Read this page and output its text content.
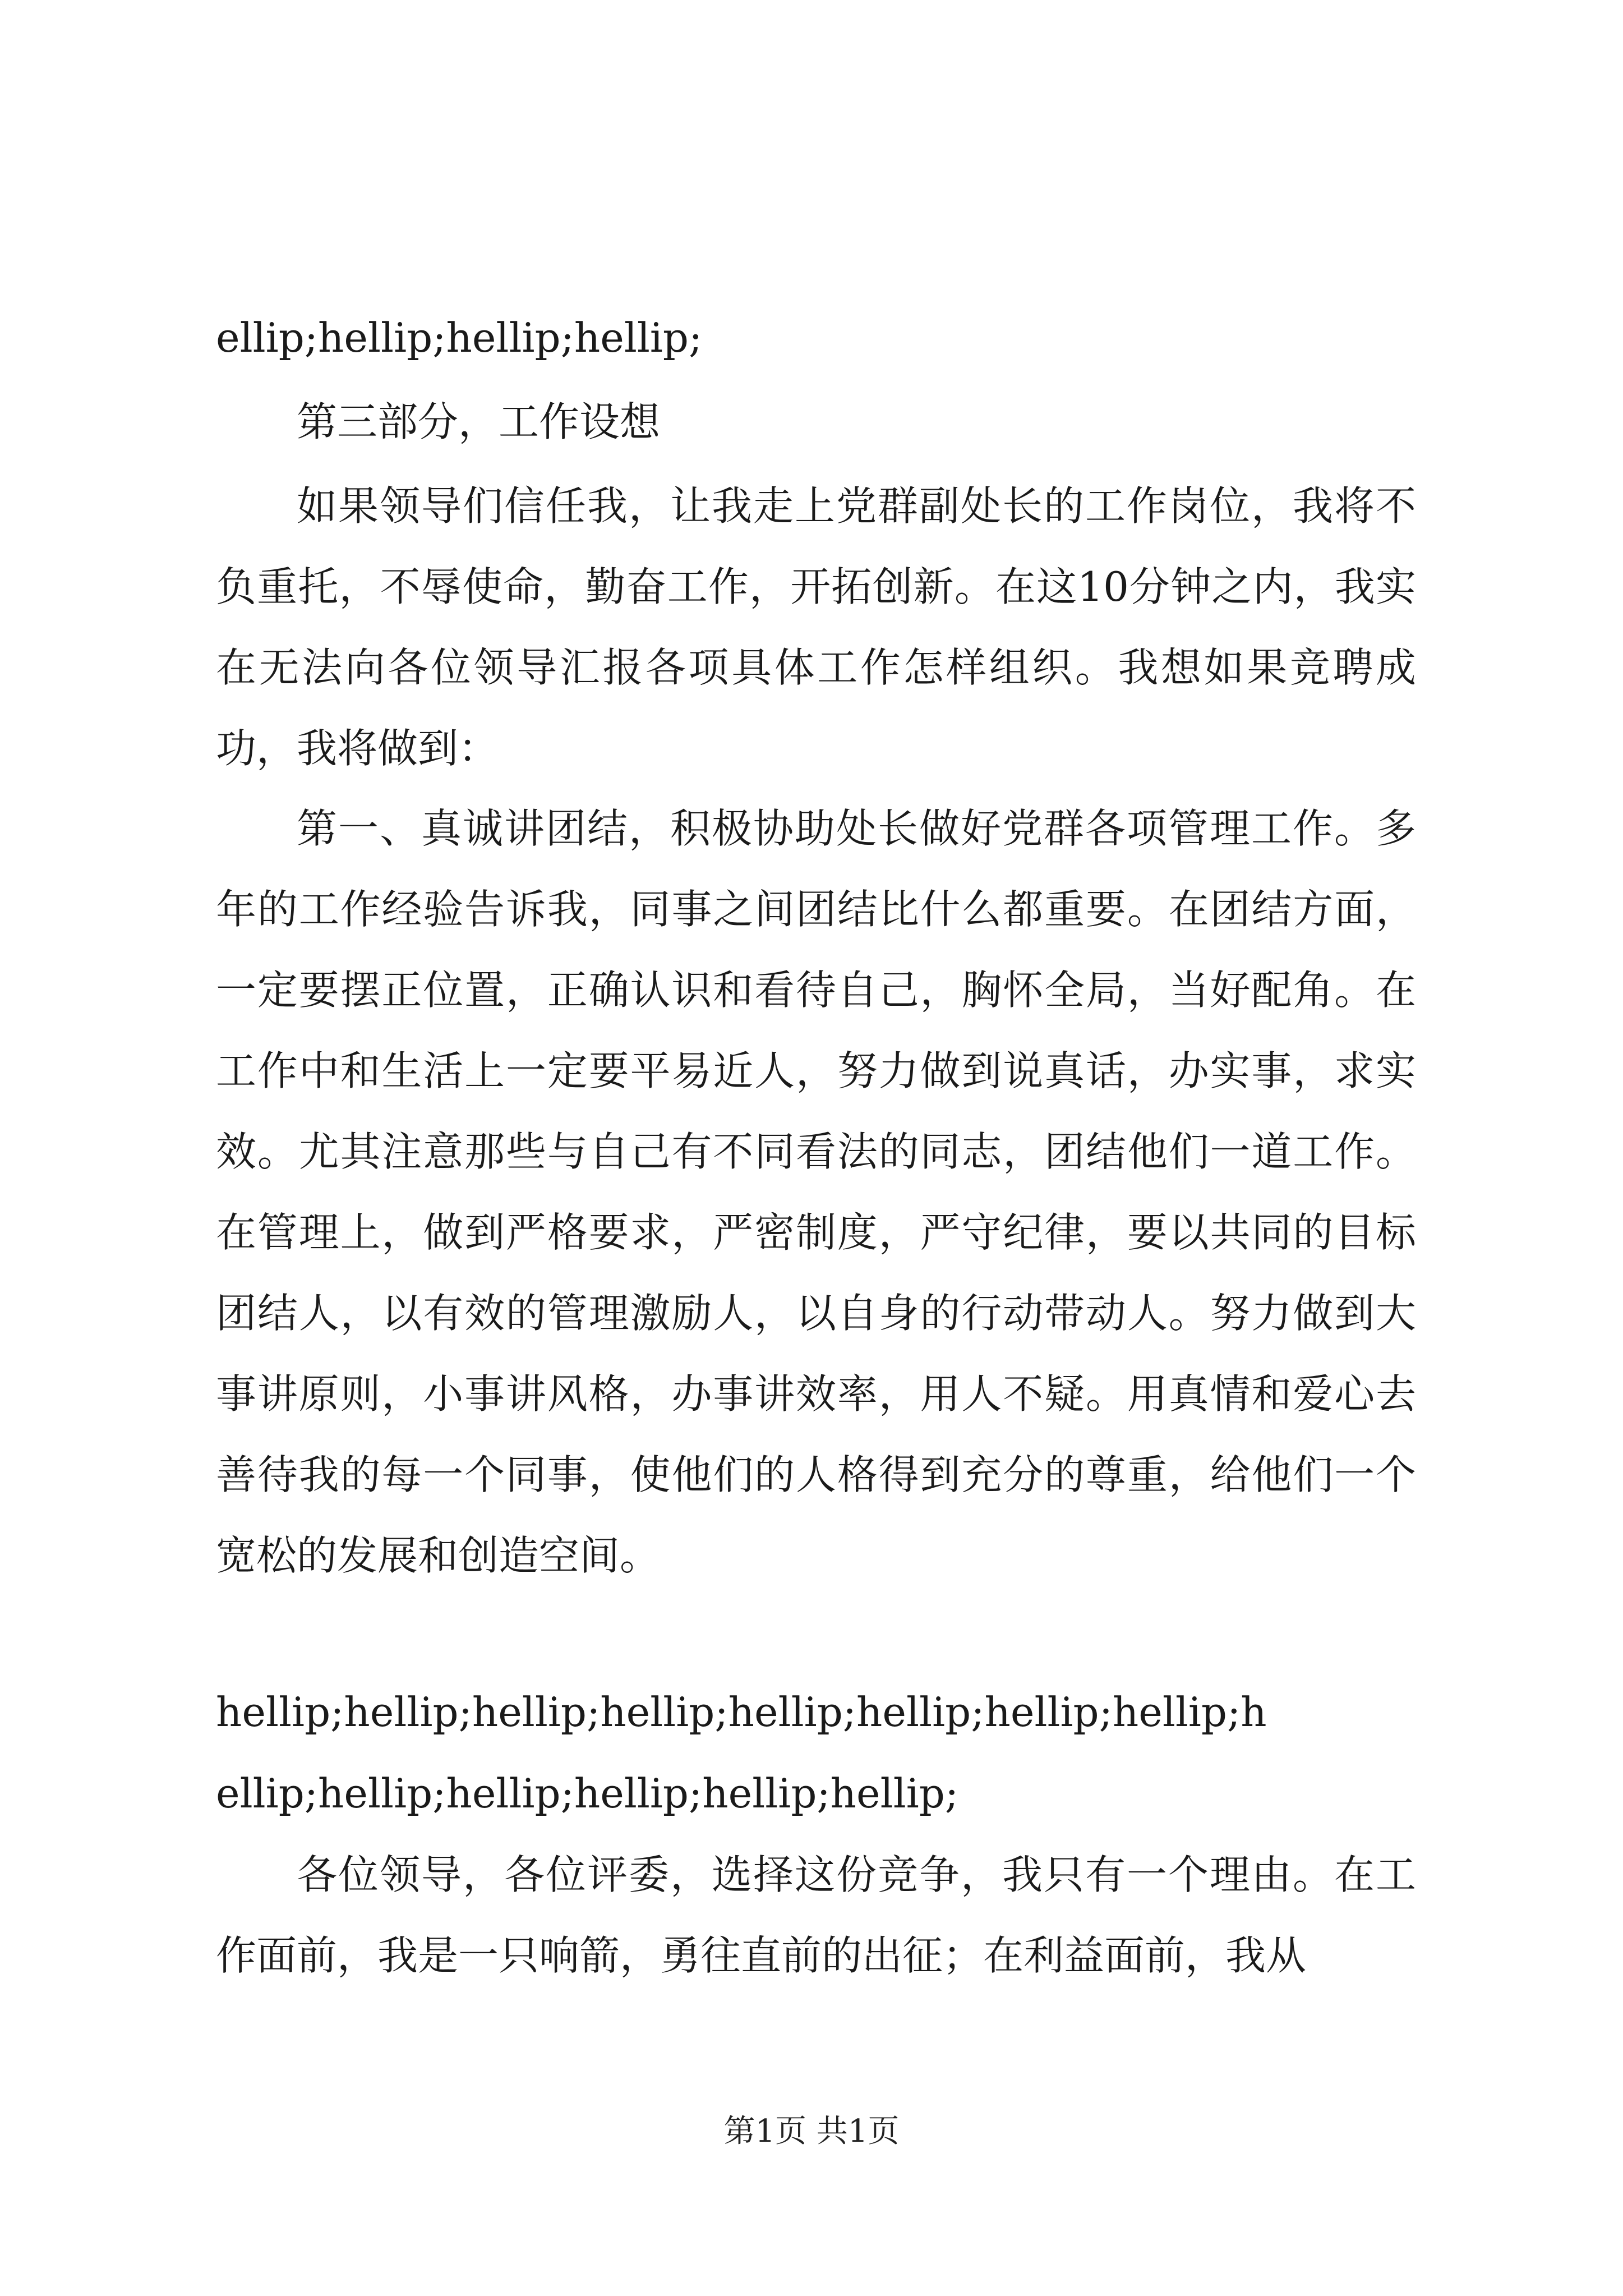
ellip;hellip;hellip;hellip;
第三部分，工作设想
如果领导们信任我，让我走上党群副处长的工作岗位，我将不负重托，不辱使命，勤奋工作，开拓创新。在这10分钟之内，我实在无法向各位领导汇报各项具体工作怎样组织。我想如果竞聘成功，我将做到：
第一、真诚讲团结，积极协助处长做好党群各项管理工作。多年的工作经验告诉我，同事之间团结比什么都重要。在团结方面，一定要摆正位置，正确认识和看待自己，胸怀全局，当好配角。在工作中和生活上一定要平易近人，努力做到说真话，办实事，求实效。尤其注意那些与自己有不同看法的同志，团结他们一道工作。在管理上，做到严格要求，严密制度，严守纪律，要以共同的目标团结人，以有效的管理激励人，以自身的行动带动人。努力做到大事讲原则，小事讲风格，办事讲效率，用人不疑。用真情和爱心去善待我的每一个同事，使他们的人格得到充分的尊重，给他们一个宽松的发展和创造空间。
hellip;hellip;hellip;hellip;hellip;hellip;hellip;hellip;h
ellip;hellip;hellip;hellip;hellip;hellip;
各位领导，各位评委，选择这份竞争，我只有一个理由。在工作面前，我是一只响箭，勇往直前的出征；在利益面前，我从
第1页 共1页
